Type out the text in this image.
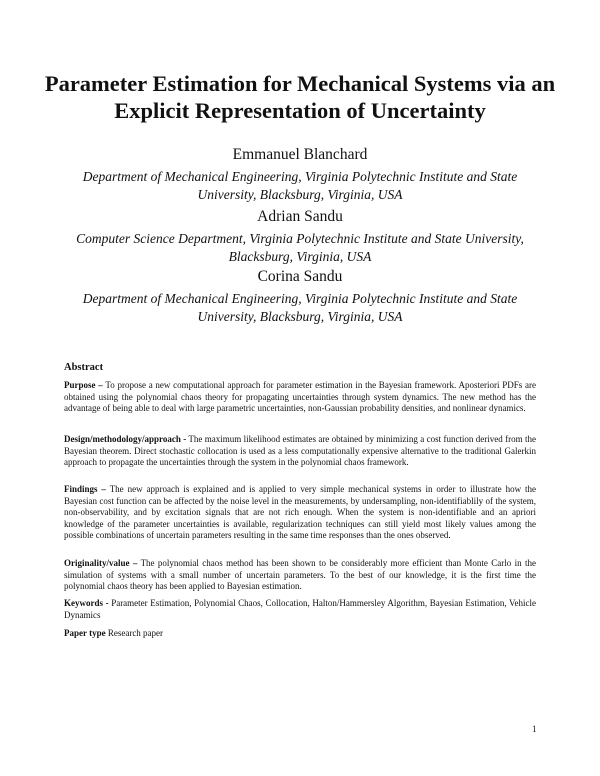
Parameter Estimation for Mechanical Systems via an Explicit Representation of Uncertainty
Emmanuel Blanchard
Department of Mechanical Engineering, Virginia Polytechnic Institute and State University, Blacksburg, Virginia, USA
Adrian Sandu
Computer Science Department, Virginia Polytechnic Institute and State University, Blacksburg, Virginia, USA
Corina Sandu
Department of Mechanical Engineering, Virginia Polytechnic Institute and State University, Blacksburg, Virginia, USA
Abstract
Purpose – To propose a new computational approach for parameter estimation in the Bayesian framework. Aposteriori PDFs are obtained using the polynomial chaos theory for propagating uncertainties through system dynamics. The new method has the advantage of being able to deal with large parametric uncertainties, non-Gaussian probability densities, and nonlinear dynamics.
Design/methodology/approach - The maximum likelihood estimates are obtained by minimizing a cost function derived from the Bayesian theorem. Direct stochastic collocation is used as a less computationally expensive alternative to the traditional Galerkin approach to propagate the uncertainties through the system in the polynomial chaos framework.
Findings – The new approach is explained and is applied to very simple mechanical systems in order to illustrate how the Bayesian cost function can be affected by the noise level in the measurements, by undersampling, non-identifiablily of the system, non-observability, and by excitation signals that are not rich enough. When the system is non-identifiable and an apriori knowledge of the parameter uncertainties is available, regularization techniques can still yield most likely values among the possible combinations of uncertain parameters resulting in the same time responses than the ones observed.
Originality/value – The polynomial chaos method has been shown to be considerably more efficient than Monte Carlo in the simulation of systems with a small number of uncertain parameters. To the best of our knowledge, it is the first time the polynomial chaos theory has been applied to Bayesian estimation.
Keywords - Parameter Estimation, Polynomial Chaos, Collocation, Halton/Hammersley Algorithm, Bayesian Estimation, Vehicle Dynamics
Paper type Research paper
1
